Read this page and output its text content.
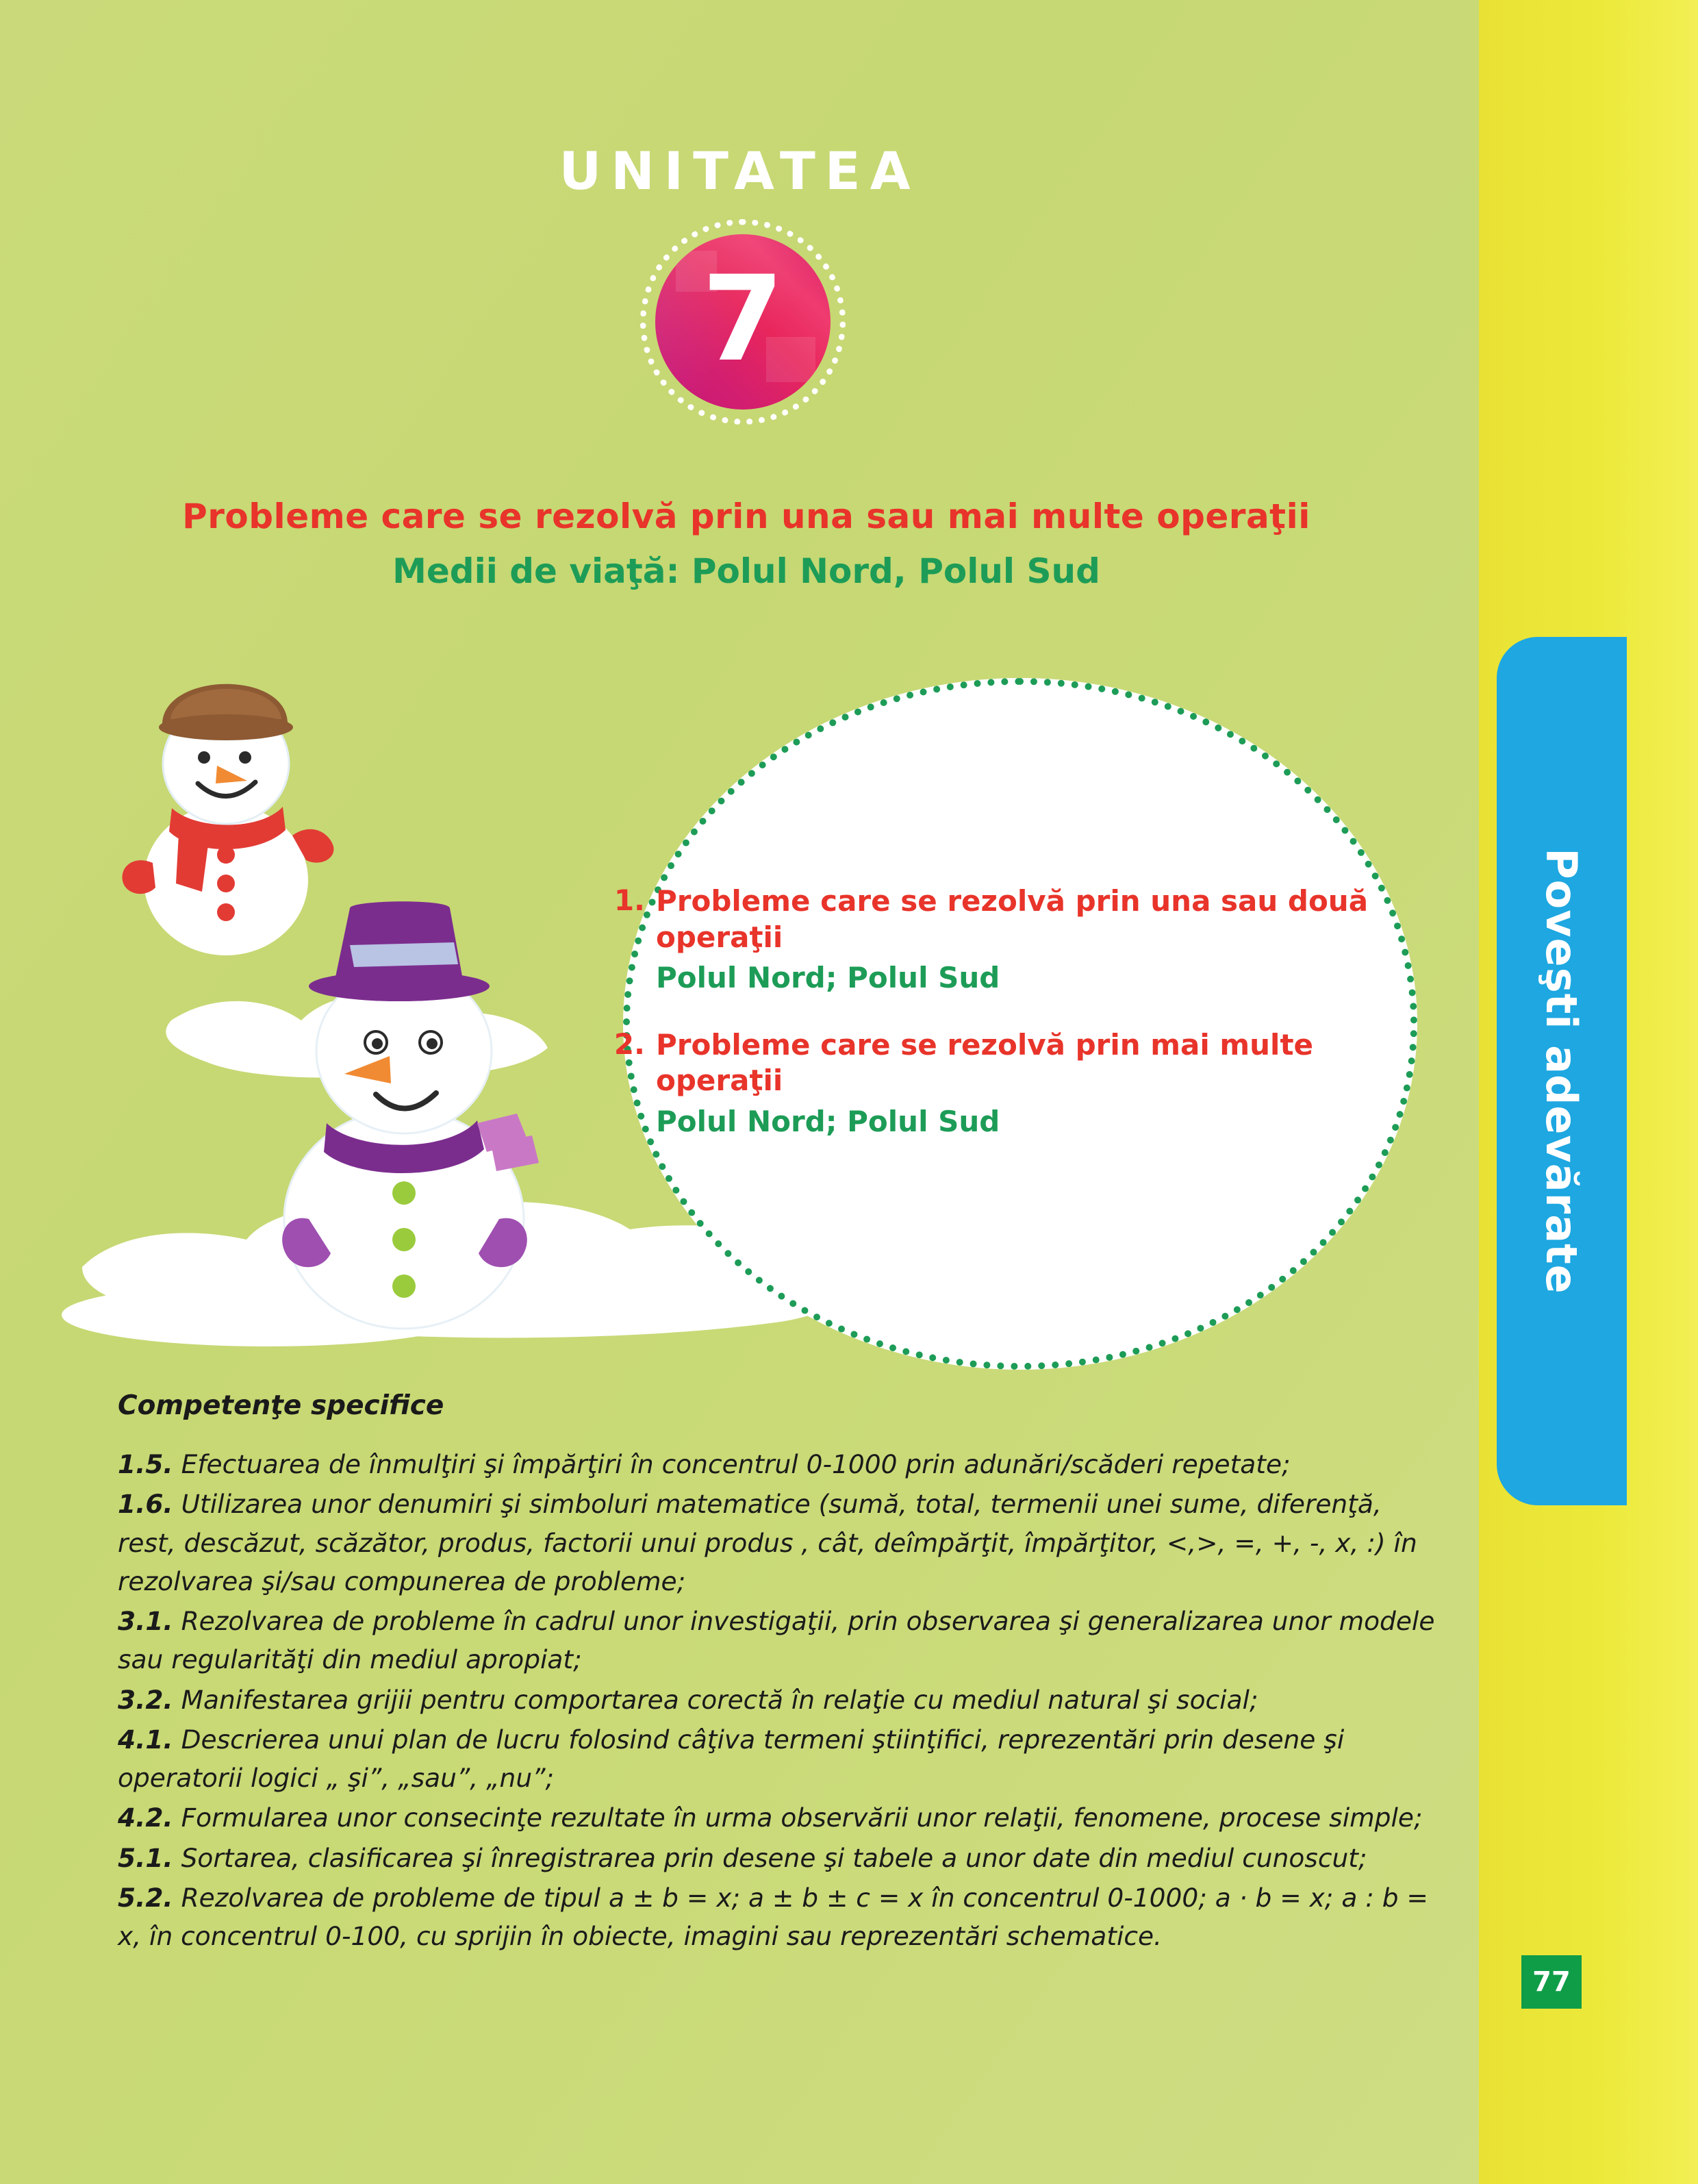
Poveşti adevărate
UNITATEA
7
Probleme care se rezolvă prin una sau mai multe operaţii
Medii de viaţă: Polul Nord, Polul Sud
1. Probleme care se rezolvă prin una sau două operaţii
Polul Nord; Polul Sud
2. Probleme care se rezolvă prin mai multe operaţii
Polul Nord; Polul Sud
Competenţe specifice
1.5. Efectuarea de înmulţiri şi împărţiri în concentrul 0-1000 prin adunări/scăderi repetate;
1.6. Utilizarea unor denumiri şi simboluri matematice (sumă, total, termenii unei sume, diferenţă, rest, descăzut, scăzător, produs, factorii unui produs , cât, deîmpărţit, împărţitor, <,>, =, +, -, x, :) în rezolvarea şi/sau compunerea de probleme;
3.1. Rezolvarea de probleme în cadrul unor investigaţii, prin observarea şi generalizarea unor modele sau regularităţi din mediul apropiat;
3.2. Manifestarea grijii pentru comportarea corectă în relaţie cu mediul natural şi social;
4.1. Descrierea unui plan de lucru folosind câţiva termeni ştiinţifici, reprezentări prin desene şi operatorii logici „ şi”, „sau”, „nu”;
4.2. Formularea unor consecinţe rezultate în urma observării unor relaţii, fenomene, procese simple;
5.1. Sortarea, clasificarea şi înregistrarea prin desene şi tabele a unor date din mediul cunoscut;
5.2. Rezolvarea de probleme de tipul a ± b = x; a ± b ± c = x în concentrul 0-1000; a · b = x; a : b = x, în concentrul 0-100, cu sprijin în obiecte, imagini sau reprezentări schematice.
77
